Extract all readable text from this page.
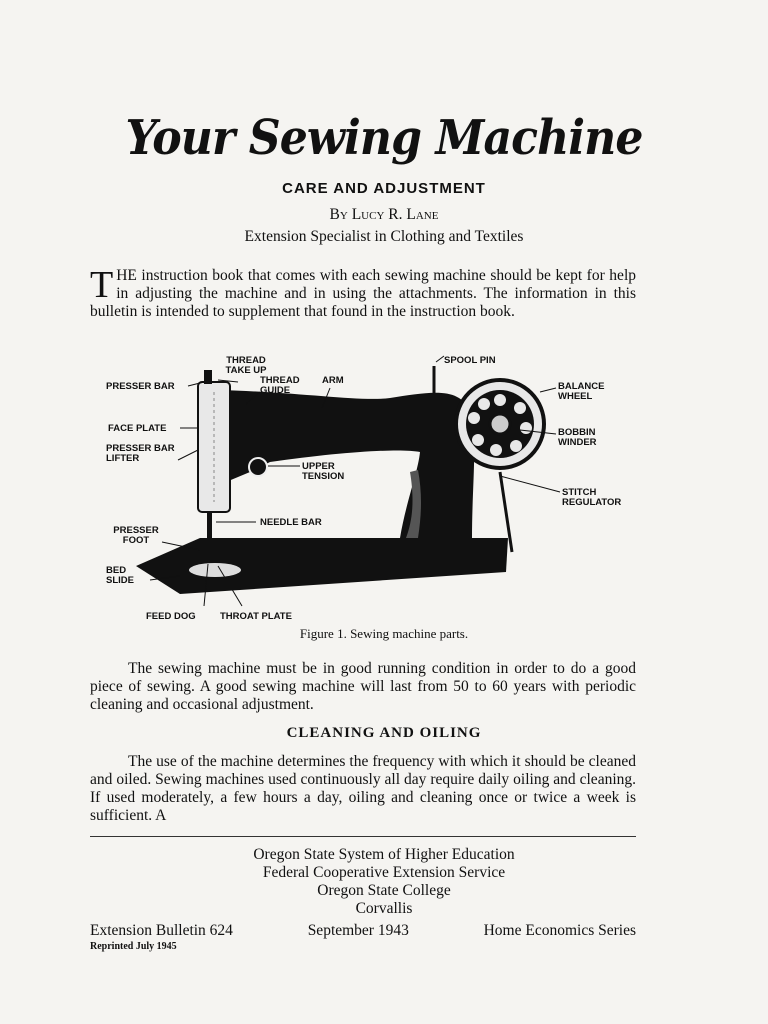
Your Sewing Machine
CARE AND ADJUSTMENT
By Lucy R. Lane
Extension Specialist in Clothing and Textiles
THE instruction book that comes with each sewing machine should be kept for help in adjusting the machine and in using the attachments. The information in this bulletin is intended to supplement that found in the instruction book.
THREAD TAKE UP
THREAD GUIDE
ARM
SPOOL PIN
PRESSER BAR	BALANCE WHEEL
FACE PLATE	BOBBIN WINDER
PRESSER BAR LIFTER
UPPER TENSION
STITCH REGULATOR
NEEDLE BAR
PRESSER FOOT
BED SLIDE
FEED DOG	THROAT PLATE
Figure 1. Sewing machine parts.
The sewing machine must be in good running condition in order to do a good piece of sewing. A good sewing machine will last from 50 to 60 years with periodic cleaning and occasional adjustment.
CLEANING AND OILING
The use of the machine determines the frequency with which it should be cleaned and oiled. Sewing machines used continuously all day require daily oiling and cleaning. If used moderately, a few hours a day, oiling and cleaning once or twice a week is sufficient. A
Oregon State System of Higher Education
Federal Cooperative Extension Service
Oregon State College
Corvallis
Extension Bulletin 624	September 1943	Home Economics Series
Reprinted July 1945
